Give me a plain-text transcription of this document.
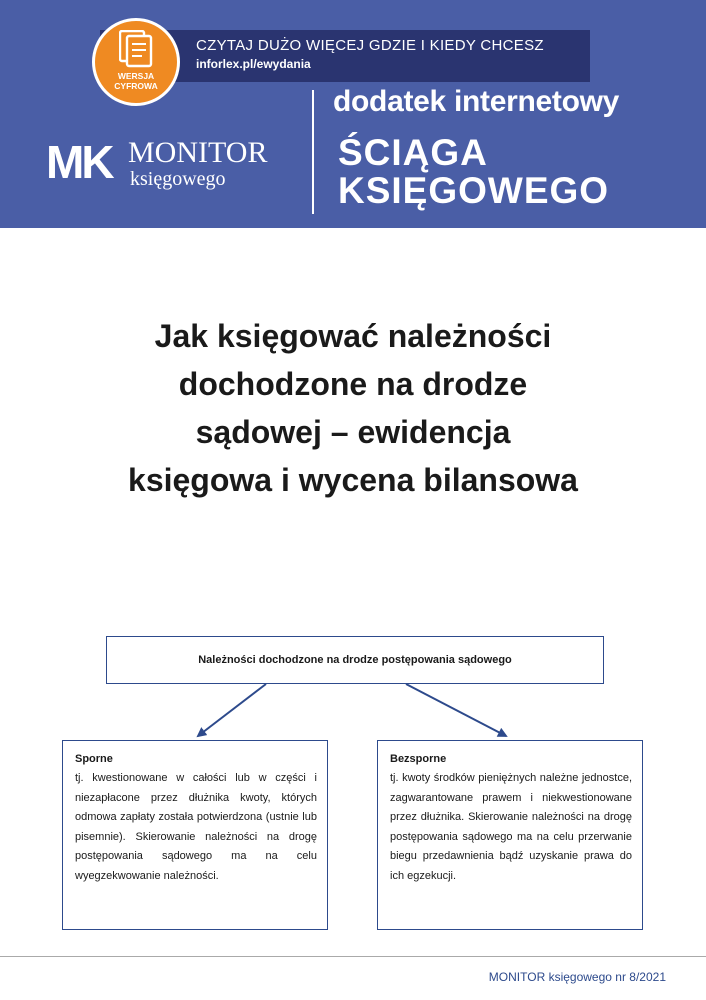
CZYTAJ DUŻO WIĘCEJ GDZIE I KIEDY CHCESZ
inforlex.pl/ewydania
WERSJA
CYFROWA
MK MONITOR
księgowego
dodatek internetowy
ŚCIĄGA
KSIĘGOWEGO
Jak księgować należności
dochodzone na drodze
sądowej – ewidencja
księgowa i wycena bilansowa
Należności dochodzone na drodze postępowania sądowego
Sporne
tj. kwestionowane w całości lub w części i niezapłacone przez dłużnika kwoty, których odmowa zapłaty została potwierdzona (ustnie lub pisemnie). Skierowanie należności na drogę postępowania sądowego ma na celu wyegzekwowanie należności.
Bezsporne
tj. kwoty środków pieniężnych należne jednostce, zagwarantowane prawem i niekwestionowane przez dłużnika. Skierowanie należności na drogę postępowania sądowego ma na celu przerwanie biegu przedawnienia bądź uzyskanie prawa do ich egzekucji.
MONITOR księgowego nr 8/2021
